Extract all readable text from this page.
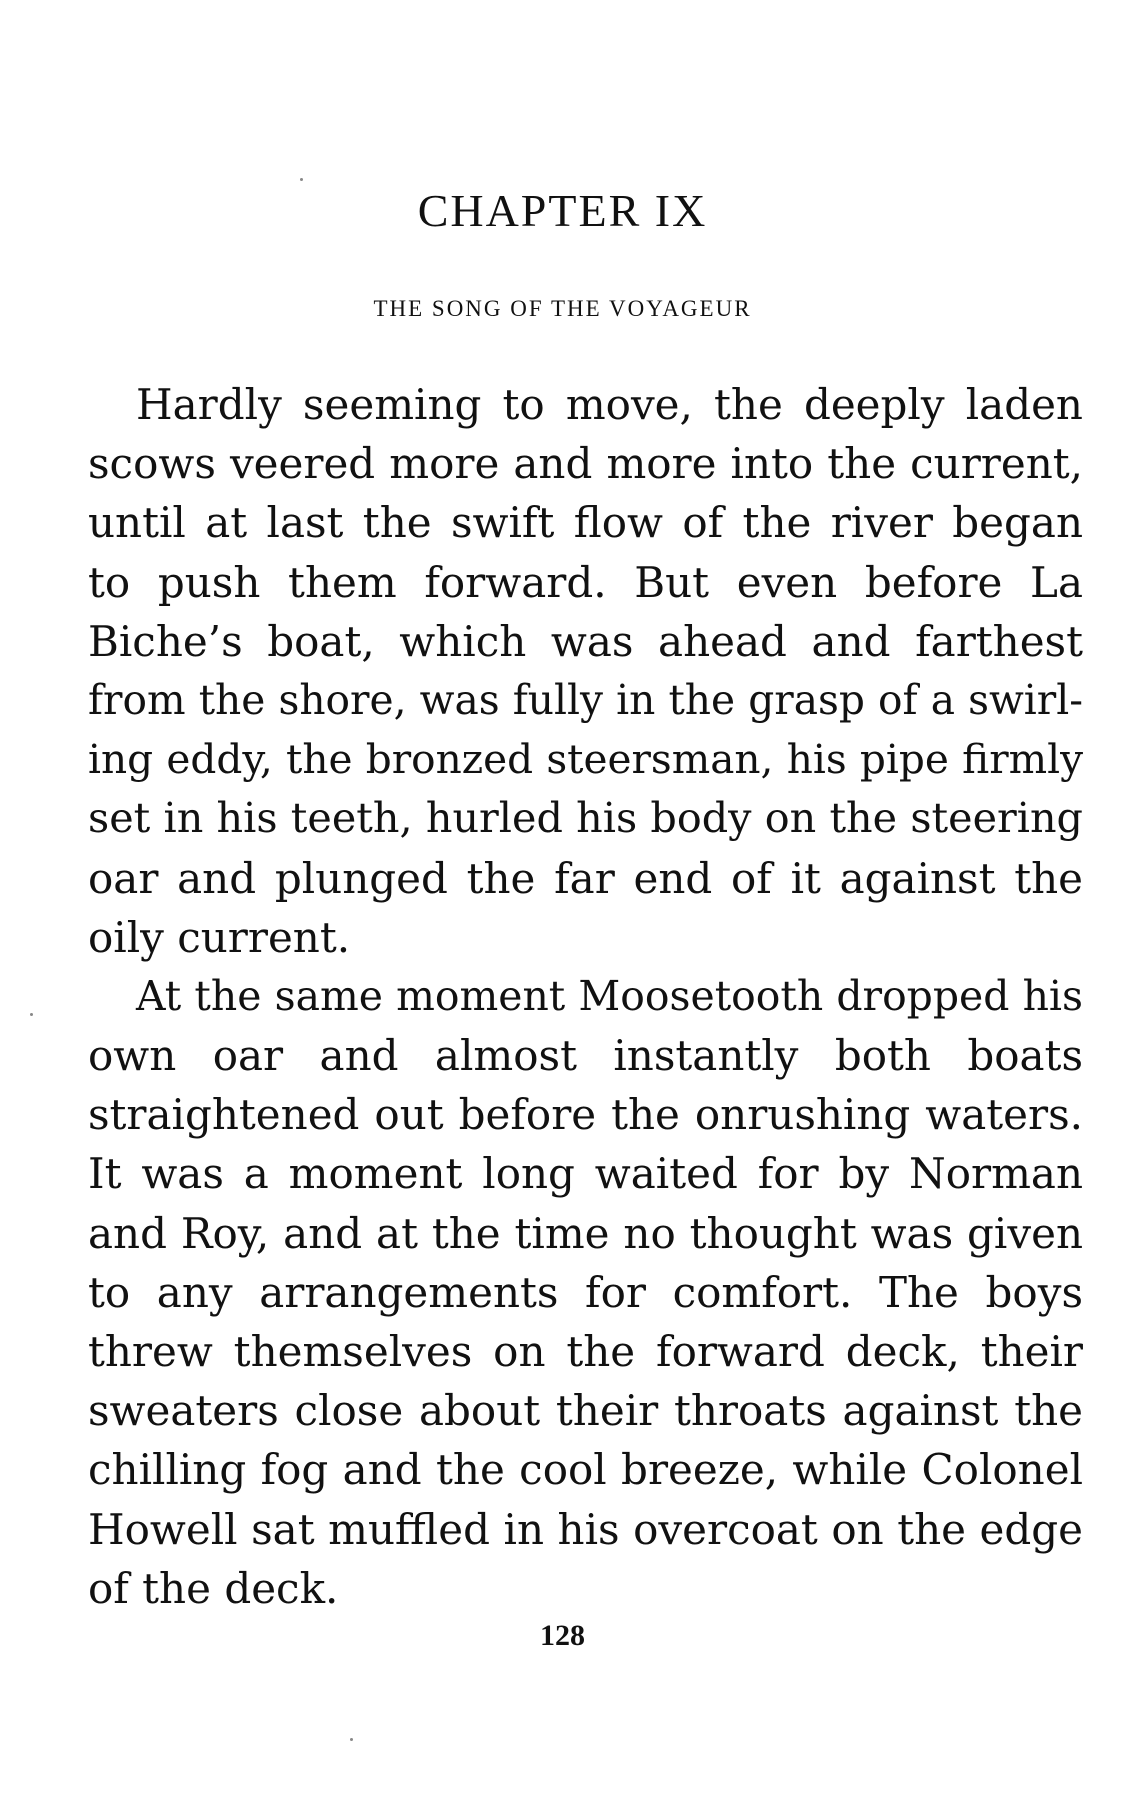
CHAPTER IX
THE SONG OF THE VOYAGEUR
Hardly seeming to move, the deeply laden
scows veered more and more into the current,
until at last the swift flow of the river began
to push them forward. But even before La
Biche’s boat, which was ahead and farthest
from the shore, was fully in the grasp of a swirl-
ing eddy, the bronzed steersman, his pipe firmly
set in his teeth, hurled his body on the steering
oar and plunged the far end of it against the
oily current.
At the same moment Moosetooth dropped his
own oar and almost instantly both boats
straightened out before the onrushing waters.
It was a moment long waited for by Norman
and Roy, and at the time no thought was given
to any arrangements for comfort. The boys
threw themselves on the forward deck, their
sweaters close about their throats against the
chilling fog and the cool breeze, while Colonel
Howell sat muffled in his overcoat on the edge
of the deck.
128
